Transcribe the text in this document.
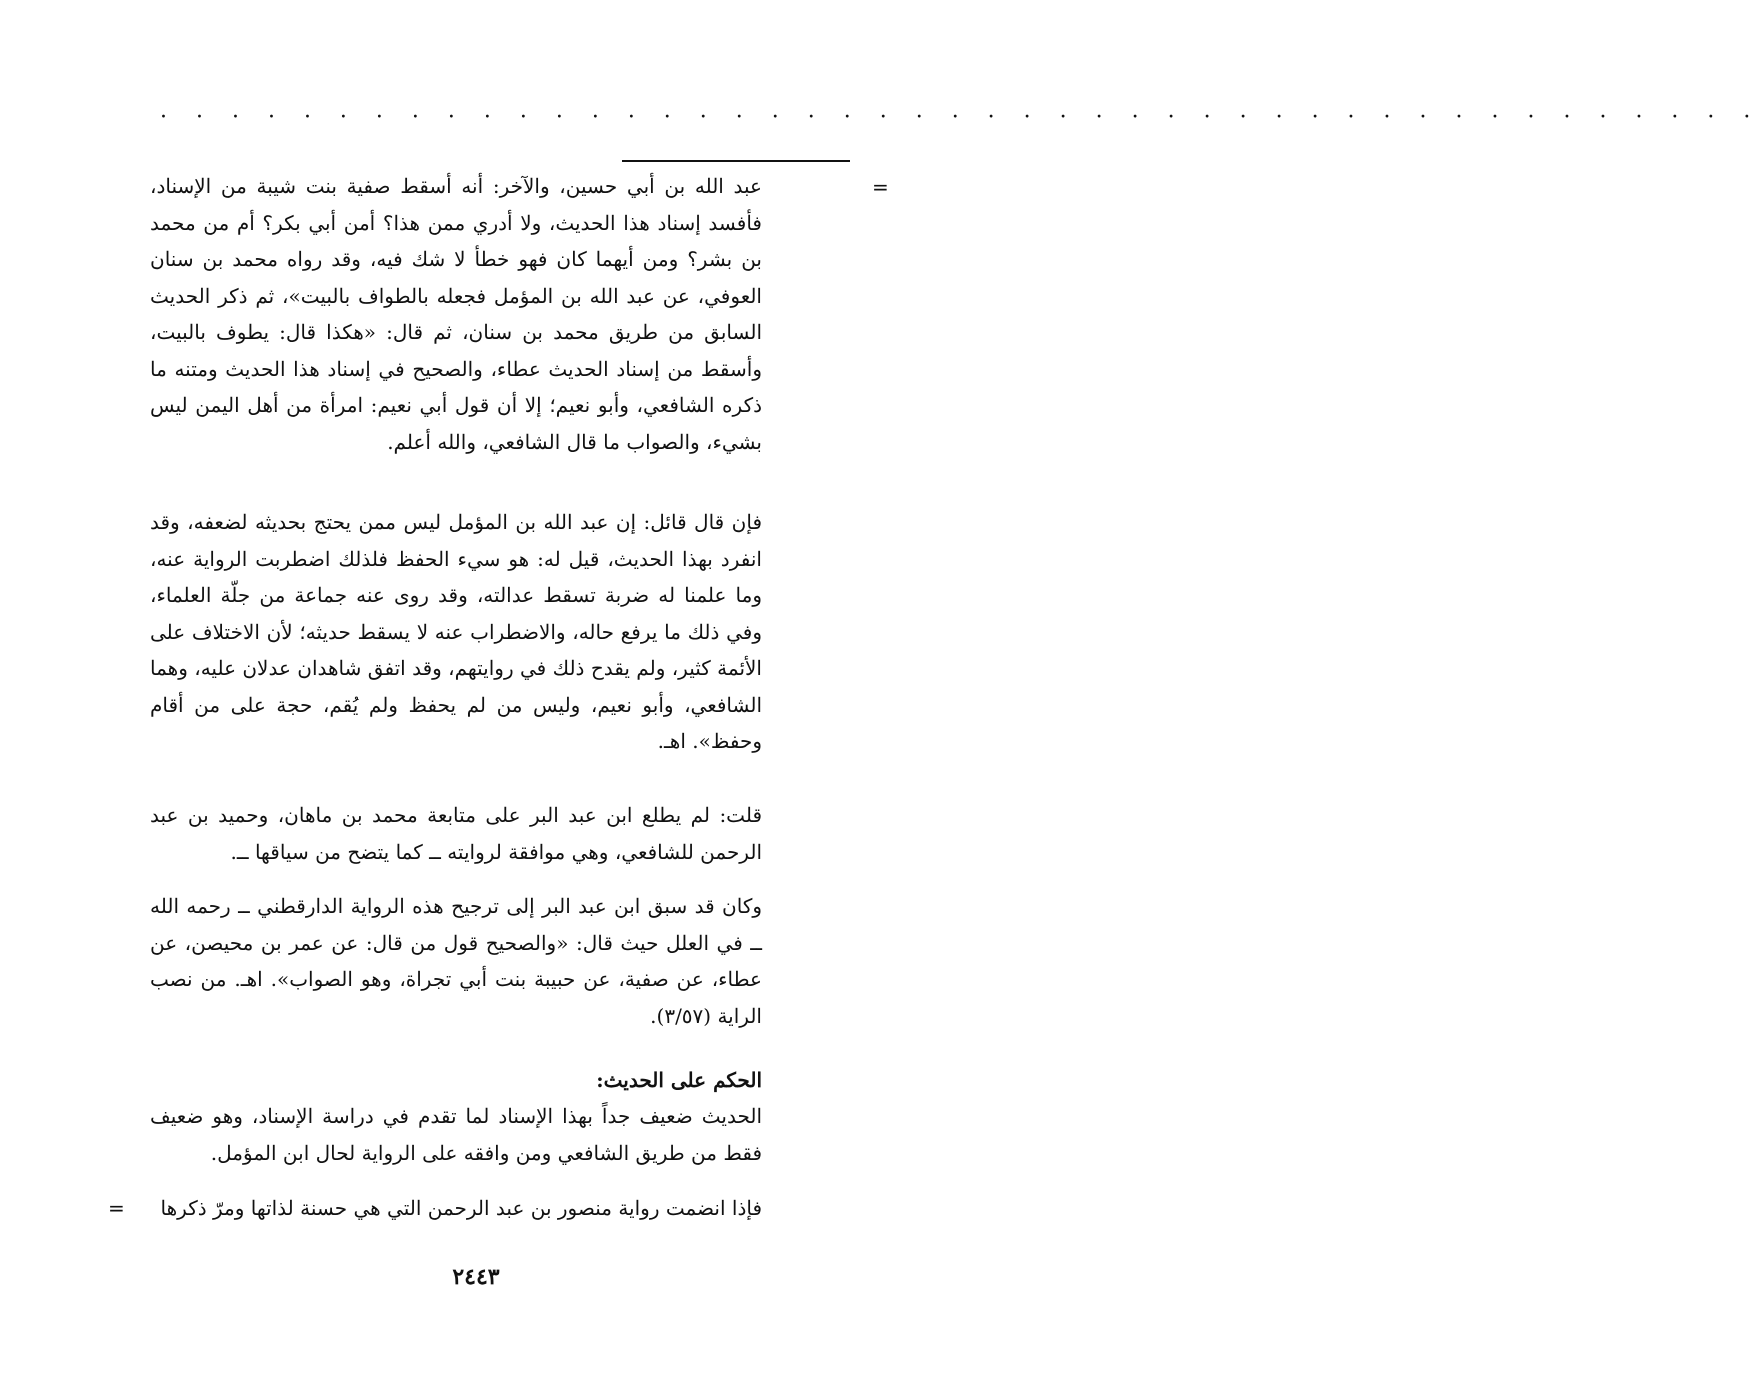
· · · · · · · · · · · · · · · · · · · · · · · · · · · · · · · · · · · · · · · · · · · · ·
=
عبد الله بن أبي حسين، والآخر: أنه أسقط صفية بنت شيبة من الإسناد، فأفسد إسناد هذا الحديث، ولا أدري ممن هذا؟ أمن أبي بكر؟ أم من محمد بن بشر؟ ومن أيهما كان فهو خطأ لا شك فيه، وقد رواه محمد بن سنان العوفي، عن عبد الله بن المؤمل فجعله بالطواف بالبيت»، ثم ذكر الحديث السابق من طريق محمد بن سنان، ثم قال: «هكذا قال: يطوف بالبيت، وأسقط من إسناد الحديث عطاء، والصحيح في إسناد هذا الحديث ومتنه ما ذكره الشافعي، وأبو نعيم؛ إلا أن قول أبي نعيم: امرأة من أهل اليمن ليس بشيء، والصواب ما قال الشافعي، والله أعلم.
فإن قال قائل: إن عبد الله بن المؤمل ليس ممن يحتج بحديثه لضعفه، وقد انفرد بهذا الحديث، قيل له: هو سيء الحفظ فلذلك اضطربت الرواية عنه، وما علمنا له ضربة تسقط عدالته، وقد روى عنه جماعة من جلّة العلماء، وفي ذلك ما يرفع حاله، والاضطراب عنه لا يسقط حديثه؛ لأن الاختلاف على الأئمة كثير، ولم يقدح ذلك في روايتهم، وقد اتفق شاهدان عدلان عليه، وهما الشافعي، وأبو نعيم، وليس من لم يحفظ ولم يُقم، حجة على من أقام وحفظ». اهـ.
قلت: لم يطلع ابن عبد البر على متابعة محمد بن ماهان، وحميد بن عبد الرحمن للشافعي، وهي موافقة لروايته ــ كما يتضح من سياقها ــ.
وكان قد سبق ابن عبد البر إلى ترجيح هذه الرواية الدارقطني ــ رحمه الله ــ في العلل حيث قال: «والصحيح قول من قال: عن عمر بن محيصن، عن عطاء، عن صفية، عن حبيبة بنت أبي تجراة، وهو الصواب». اهـ. من نصب الراية (٣/٥٧).
الحكم على الحديث:
الحديث ضعيف جداً بهذا الإسناد لما تقدم في دراسة الإسناد، وهو ضعيف فقط من طريق الشافعي ومن وافقه على الرواية لحال ابن المؤمل.
فإذا انضمت رواية منصور بن عبد الرحمن التي هي حسنة لذاتها ومرّ ذكرها
=
٢٤٤٣
